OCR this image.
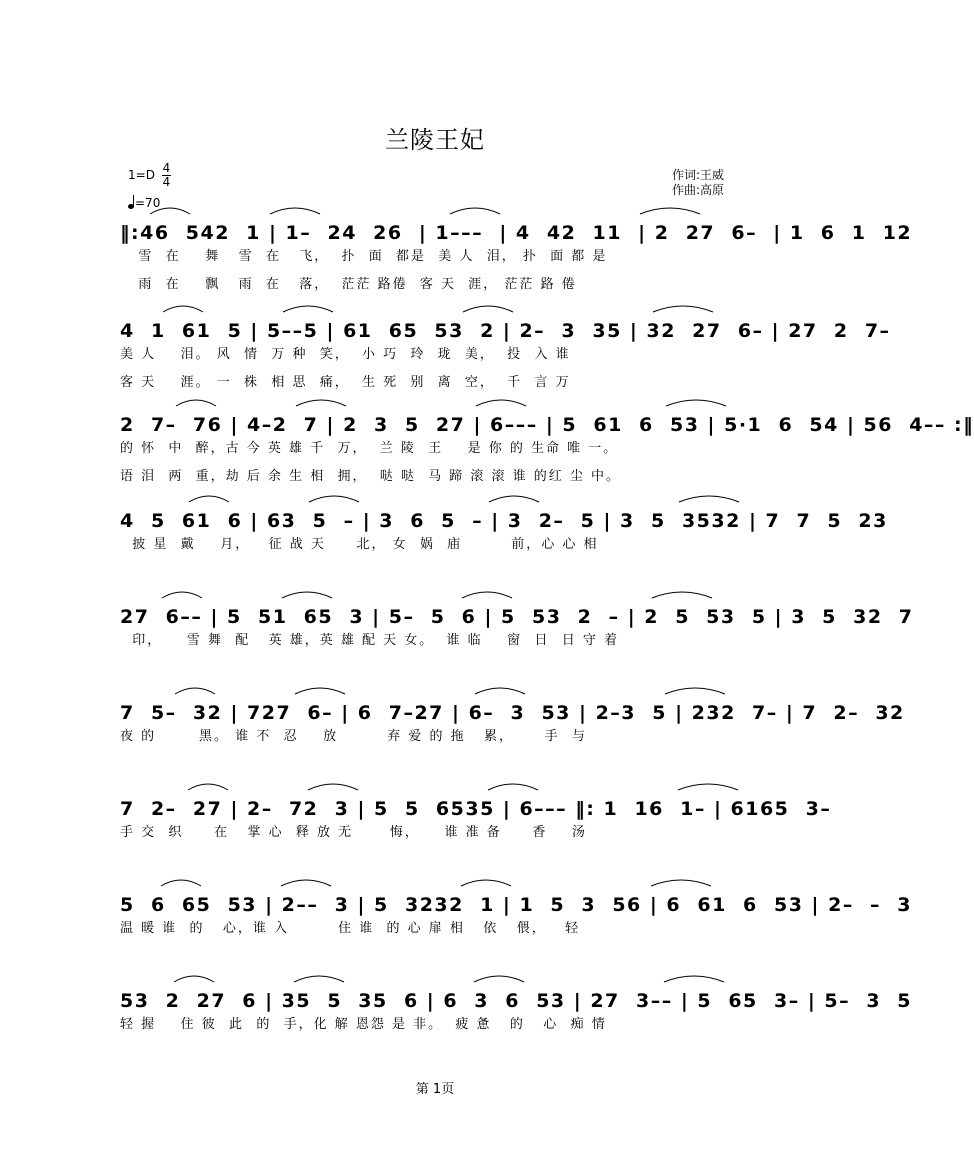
兰陵王妃
1=D 4
4
=70
作词:王威
作曲:高原
‖:46  542  1 | 1–  24  26  | 1–––  | 4  42  11  | 2  27  6–  | 1  6  1  12
雪  在    舞   雪  在   飞，  扑  面  都是  美 人  泪， 扑  面 都 是
雨  在    飘   雨  在   落，  茫茫 路倦  客 天  涯， 茫茫 路 倦
4  1  61  5 | 5––5 | 61  65  53  2 | 2–  3  35 | 32  27  6– | 27  2  7–
美 人    泪。 风  情  万 种  笑，  小 巧  玲  珑  美，  投  入 谁
客 天    涯。 一  株  相 思  痛，  生 死  别  离  空，  千  言 万
2  7–  76 | 4–2  7 | 2  3  5  27 | 6––– | 5  61  6  53 | 5·1  6  54 | 56  4–– :‖
的 怀  中  醉，古 今 英 雄 千  万，  兰 陵  王    是 你 的 生命 唯 一。
语 泪  两  重，劫 后 余 生 相  拥，  哒 哒  马 蹄 滚 滚 谁 的红 尘 中。
4  5  61  6 | 63  5  – | 3  6  5  – | 3  2–  5 | 3  5  3532 | 7  7  5  23
披 星  戴    月，   征 战 天     北， 女  娲  庙        前，心 心 相
27  6–– | 5  51  65  3 | 5–  5  6 | 5  53  2  – | 2  5  53  5 | 3  5  32  7
印，    雪 舞  配   英 雄，英 雄 配 天 女。  谁 临    窗  日  日 守 着
7  5–  32 | 727  6– | 6  7–27 | 6–  3  53 | 2–3  5 | 232  7– | 7  2–  32
夜 的       黑。 谁 不  忍    放        弃 爱 的 拖   累，     手  与
7  2–  27 | 2–  72  3 | 5  5  6535 | 6––– ‖: 1  16  1– | 6165  3–
手 交  织     在   掌 心  释 放 无      悔，    谁 准 备     香    汤
5  6  65  53 | 2––  3 | 5  3232  1 | 1  5  3  56 | 6  61  6  53 | 2–  –  3
温 暖 谁  的   心，谁 入        住 谁  的 心 扉 相   依   偎，   轻
53  2  27  6 | 35  5  35  6 | 6  3  6  53 | 27  3–– | 5  65  3– | 5–  3  5
轻 握    住 彼  此  的  手，化 解 恩怨 是 非。  疲 惫   的   心  痴 情
第 1页
